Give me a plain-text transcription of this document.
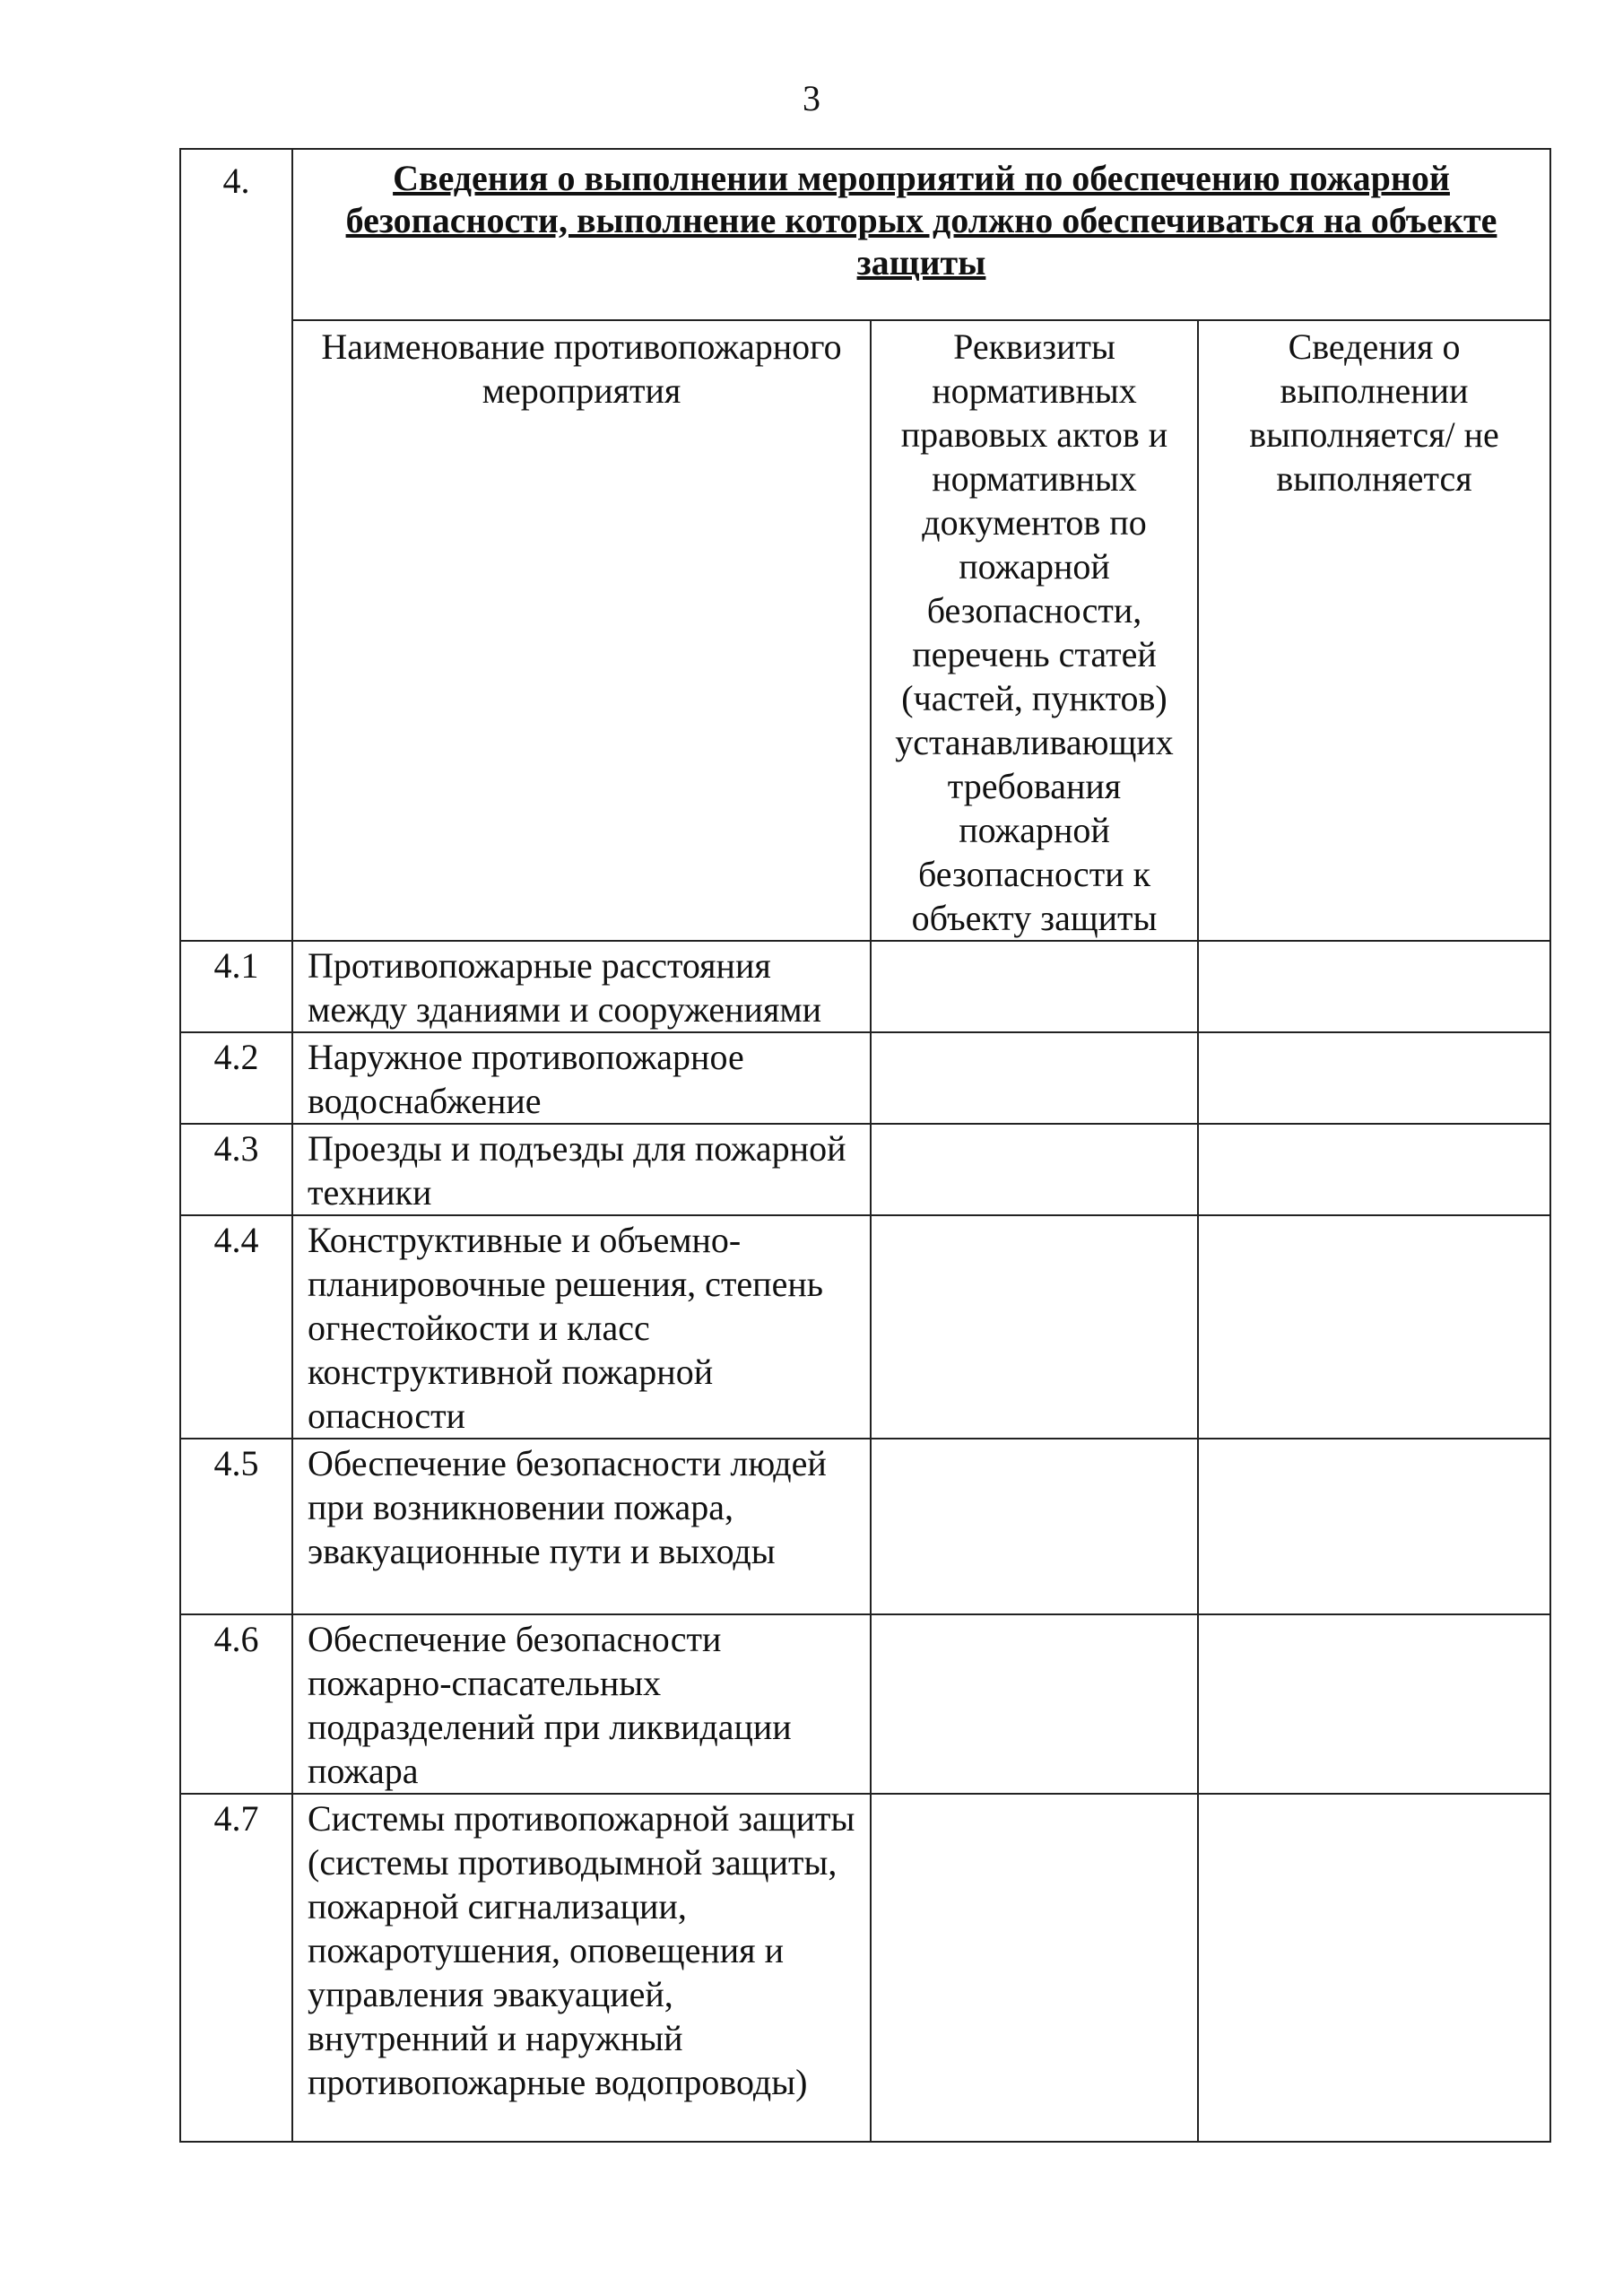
3
4.	Сведения о выполнении мероприятий по обеспечению пожарной безопасности, выполнение которых должно обеспечиваться на объекте защиты		
	Наименование противопожарного мероприятия	Реквизиты нормативных правовых актов и нормативных документов по пожарной безопасности, перечень статей (частей, пунктов) устанавливающих требования пожарной безопасности к объекту защиты	Сведения о выполнении выполняется/ не выполняется
4.1	Противопожарные расстояния между зданиями и сооружениями		
4.2	Наружное противопожарное водоснабжение		
4.3	Проезды и подъезды для пожарной техники		
4.4	Конструктивные и объемно-планировочные решения, степень огнестойкости и класс конструктивной пожарной опасности		
4.5	Обеспечение безопасности людей при возникновении пожара, эвакуационные пути и выходы		
4.6	Обеспечение безопасности пожарно-спасательных подразделений при ликвидации пожара		
4.7	Системы противопожарной защиты (системы противодымной защиты, пожарной сигнализации, пожаротушения, оповещения и управления эвакуацией, внутренний и наружный противопожарные водопроводы)		
